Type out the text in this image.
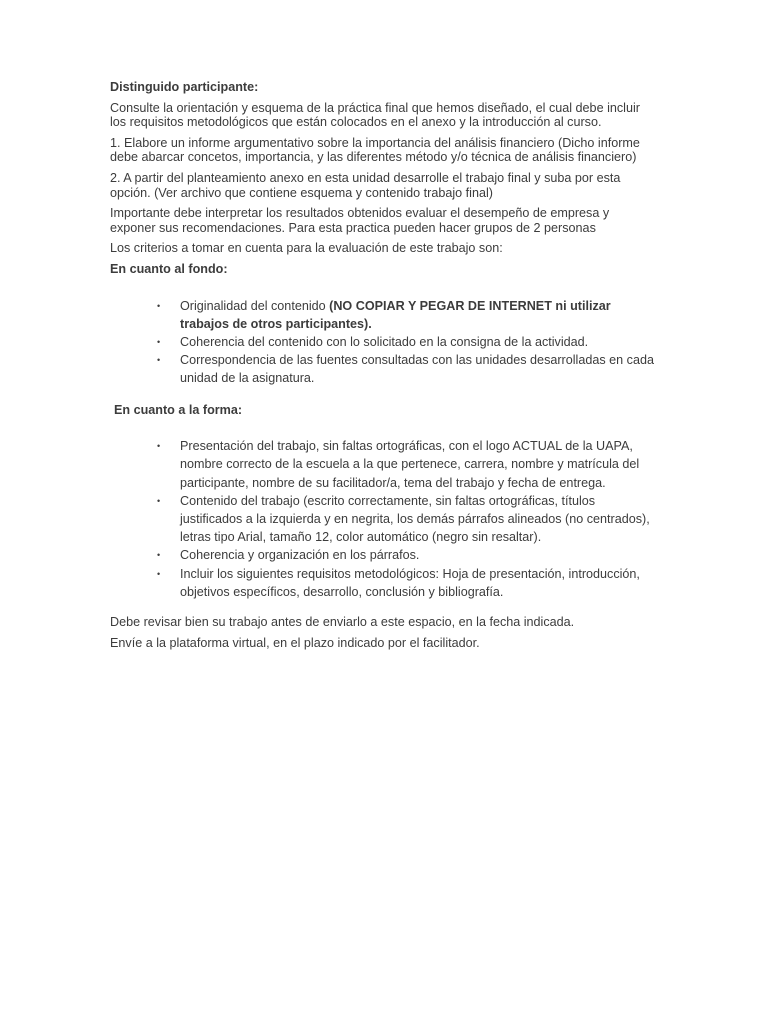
Distinguido participante:
Consulte la orientación y esquema de la práctica final que hemos diseñado, el cual debe incluir los requisitos metodológicos que están colocados en el anexo y la introducción al curso.
1. Elabore un informe argumentativo sobre la importancia del análisis financiero (Dicho informe debe abarcar concetos, importancia, y las diferentes método y/o técnica de análisis financiero)
2. A partir del planteamiento anexo en esta unidad desarrolle el trabajo final y suba por esta opción. (Ver archivo que contiene esquema y contenido trabajo final)
Importante debe interpretar los resultados obtenidos evaluar el desempeño de empresa y exponer sus recomendaciones. Para esta practica pueden hacer grupos de 2 personas
Los criterios a tomar en cuenta para la evaluación de este trabajo son:
En cuanto al fondo:
• Originalidad del contenido (NO COPIAR Y PEGAR DE INTERNET ni utilizar trabajos de otros participantes).
• Coherencia del contenido con lo solicitado en la consigna de la actividad.
• Correspondencia de las fuentes consultadas con las unidades desarrolladas en cada unidad de la asignatura.
En cuanto a la forma:
• Presentación del trabajo, sin faltas ortográficas, con el logo ACTUAL de la UAPA, nombre correcto de la escuela a la que pertenece, carrera, nombre y matrícula del participante, nombre de su facilitador/a, tema del trabajo y fecha de entrega.
• Contenido del trabajo (escrito correctamente, sin faltas ortográficas, títulos justificados a la izquierda y en negrita, los demás párrafos alineados (no centrados), letras tipo Arial, tamaño 12, color automático (negro sin resaltar).
• Coherencia y organización en los párrafos.
• Incluir los siguientes requisitos metodológicos: Hoja de presentación, introducción, objetivos específicos, desarrollo, conclusión y bibliografía.
Debe revisar bien su trabajo antes de enviarlo a este espacio, en la fecha indicada.
Envíe a la plataforma virtual, en el plazo indicado por el facilitador.
